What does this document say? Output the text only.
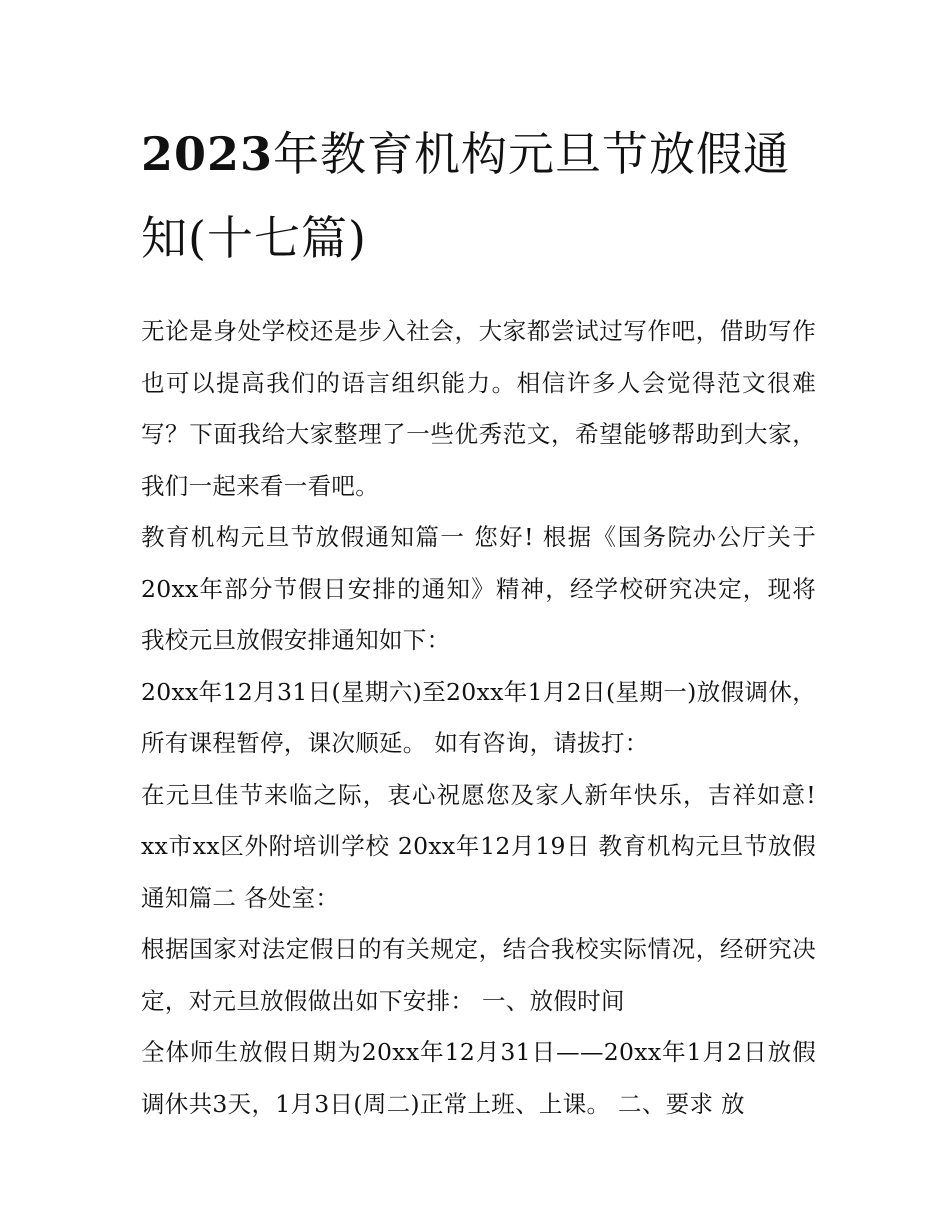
2023年教育机构元旦节放假通知(十七篇)

无论是身处学校还是步入社会，大家都尝试过写作吧，借助写作也可以提高我们的语言组织能力。相信许多人会觉得范文很难写？下面我给大家整理了一些优秀范文，希望能够帮助到大家，我们一起来看一看吧。

教育机构元旦节放假通知篇一 您好! 根据《国务院办公厅关于20xx年部分节假日安排的通知》精神，经学校研究决定，现将我校元旦放假安排通知如下：

20xx年12月31日(星期六)至20xx年1月2日(星期一)放假调休，所有课程暂停，课次顺延。 如有咨询，请拔打：

在元旦佳节来临之际，衷心祝愿您及家人新年快乐，吉祥如意! xx市xx区外附培训学校 20xx年12月19日 教育机构元旦节放假通知篇二 各处室：

根据国家对法定假日的有关规定，结合我校实际情况，经研究决定，对元旦放假做出如下安排： 一、放假时间

全体师生放假日期为20xx年12月31日——20xx年1月2日放假调休共3天，1月3日(周二)正常上班、上课。 二、要求 放
